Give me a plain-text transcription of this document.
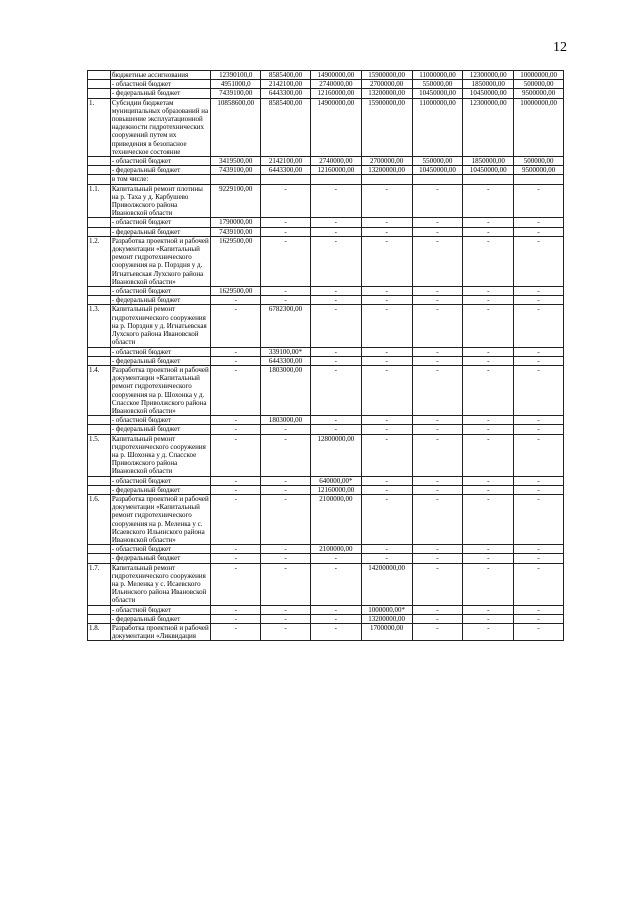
12
	бюджетные ассигнования	12390100,0	8585400,00	14900000,00	15900000,00	11000000,00	12300000,00	10000000,00
	- областной бюджет	4951000,0	2142100,00	2740000,00	2700000,00	550000,00	1850000,00	500000,00
	- федеральный бюджет	7439100,00	6443300,00	12160000,00	13200000,00	10450000,00	10450000,00	9500000,00
1.	Субсидии бюджетам муниципальных образований на повышение эксплуатационной надежности гидротехнических сооружений путем их приведения в безопасное техническое состояние	10858600,00	8585400,00	14900000,00	15900000,00	11000000,00	12300000,00	10000000,00
	- областной бюджет	3419500,00	2142100,00	2740000,00	2700000,00	550000,00	1850000,00	500000,00
	- федеральный бюджет	7439100,00	6443300,00	12160000,00	13200000,00	10450000,00	10450000,00	9500000,00
	в том числе:							
1.1.	Капитальный ремонт плотины на р. Таха у д. Карбушево Приволжского района Ивановской области	9229100,00	-	-	-	-	-	-
	- областной бюджет	1790000,00	-	-	-	-	-	-
	- федеральный бюджет	7439100,00	-	-	-	-	-	-
1.2.	Разработка проектной и рабочей документации «Капитальный ремонт гидротехнического сооружения на р. Порздня у д. Игнатьевская Лухского района Ивановской области»	1629500,00	-	-	-	-	-	-
	- областной бюджет	1629500,00	-	-	-	-	-	-
	- федеральный бюджет	-	-	-	-	-	-	-
1.3.	Капитальный ремонт гидротехнического сооружения на р. Порздня у д. Игнатьевская Лухского района Ивановской области	-	6782300,00	-	-	-	-	-
	- областной бюджет	-	339100,00*	-	-	-	-	-
	- федеральный бюджет	-	6443300,00	-	-	-	-	-
1.4.	Разработка проектной и рабочей документации «Капитальный ремонт гидротехнического сооружения на р. Шохонка у д. Спасское Приволжского района Ивановской области»	-	1803000,00	-	-	-	-	-
	- областной бюджет	-	1803000,00	-	-	-	-	-
	- федеральный бюджет	-	-	-	-	-	-	-
1.5.	Капитальный ремонт гидротехнического сооружения на р. Шохонка у д. Спасское Приволжского района Ивановской области	-	-	12800000,00	-	-	-	-
	- областной бюджет	-	-	640000,00*	-	-	-	-
	- федеральный бюджет	-	-	12160000,00	-	-	-	-
1.6.	Разработка проектной и рабочей документации «Капитальный ремонт гидротехнического сооружения на р. Меленка у с. Исаевского Ильинского района Ивановской области»	-	-	2100000,00	-	-	-	-
	- областной бюджет	-	-	2100000,00	-	-	-	-
	- федеральный бюджет	-	-	-	-	-	-	-
1.7.	Капитальный ремонт гидротехнического сооружения на р. Меленка у с. Исаевского Ильинского района Ивановской области	-	-	-	14200000,00	-	-	-
	- областной бюджет	-	-	-	1000000,00*	-	-	-
	- федеральный бюджет	-	-	-	13200000,00	-	-	-
1.8.	Разработка проектной и рабочей документации «Ликвидация	-	-	-	1700000,00	-	-	-
